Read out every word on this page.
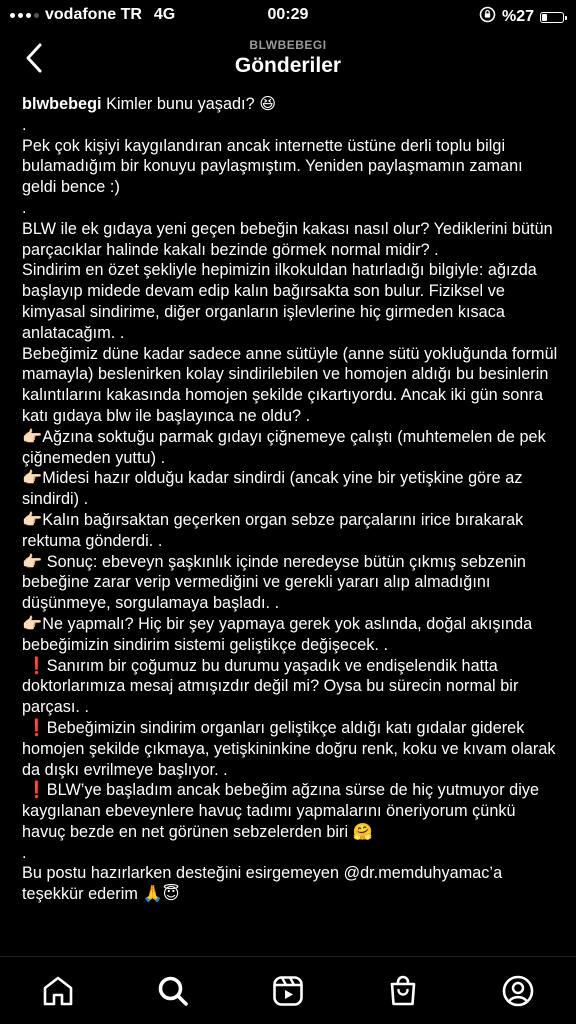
vodafone TR 4G	00:29	%27
BLWBEBEGI
Gönderiler

blwbebegi Kimler bunu yaşadı? 😆

.

Pek çok kişiyi kaygılandıran ancak internette üstüne derli toplu bilgi bulamadığım bir konuyu paylaşmıştım. Yeniden paylaşmamın zamanı geldi bence :)

.

BLW ile ek gıdaya yeni geçen bebeğin kakası nasıl olur? Yediklerini bütün parçacıklar halinde kakalı bezinde görmek normal midir? .

Sindirim en özet şekliyle hepimizin ilkokuldan hatırladığı bilgiyle: ağızda başlayıp midede devam edip kalın bağırsakta son bulur. Fiziksel ve kimyasal sindirime, diğer organların işlevlerine hiç girmeden kısaca anlatacağım. .

Bebeğimiz düne kadar sadece anne sütüyle (anne sütü yokluğunda formül mamayla) beslenirken kolay sindirilebilen ve homojen aldığı bu besinlerin kalıntılarını kakasında homojen şekilde çıkartıyordu. Ancak iki gün sonra katı gıdaya blw ile başlayınca ne oldu? .

👉🏻Ağzına soktuğu parmak gıdayı çiğnemeye çalıştı (muhtemelen de pek çiğnemeden yuttu) .

👉🏻Midesi hazır olduğu kadar sindirdi (ancak yine bir yetişkine göre az sindirdi) .

👉🏻Kalın bağırsaktan geçerken organ sebze parçalarını irice bırakarak rektuma gönderdi. .

👉🏻 Sonuç: ebeveyn şaşkınlık içinde neredeyse bütün çıkmış sebzenin bebeğine zarar verip vermediğini ve gerekli yararı alıp almadığını düşünmeye, sorgulamaya başladı. .

👉🏻Ne yapmalı? Hiç bir şey yapmaya gerek yok aslında, doğal akışında bebeğimizin sindirim sistemi geliştikçe değişecek. .

❗️Sanırım bir çoğumuz bu durumu yaşadık ve endişelendik hatta doktorlarımıza mesaj atmışızdır değil mi? Oysa bu sürecin normal bir parçası. .

❗️Bebeğimizin sindirim organları geliştikçe aldığı katı gıdalar giderek homojen şekilde çıkmaya, yetişkininkine doğru renk, koku ve kıvam olarak da dışkı evrilmeye başlıyor. .

❗️BLW’ye başladım ancak bebeğim ağzına sürse de hiç yutmuyor diye kaygılanan ebeveynlere havuç tadımı yapmalarını öneriyorum çünkü havuç bezde en net görünen sebzelerden biri 🤗

.

Bu postu hazırlarken desteğini esirgemeyen @dr.memduhyamac’a teşekkür ederim 🙏😇
